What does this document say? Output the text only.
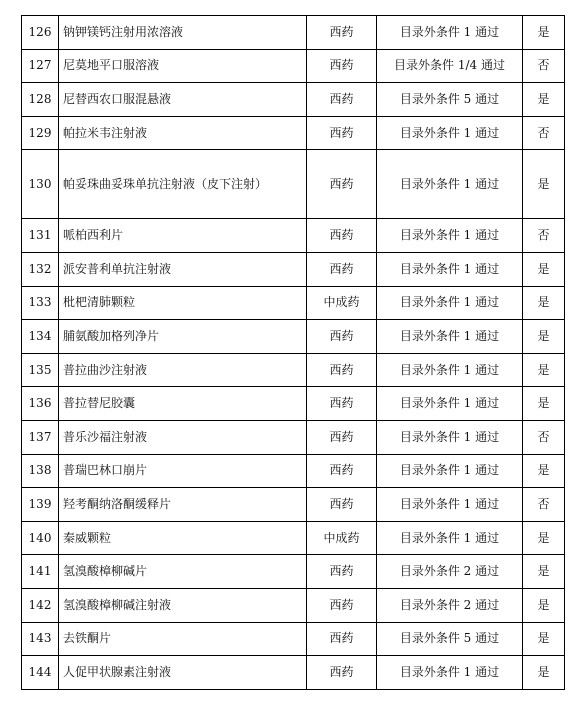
126	钠钾镁钙注射用浓溶液	西药	目录外条件 1 通过	是
127	尼莫地平口服溶液	西药	目录外条件 1/4 通过	否
128	尼替西农口服混悬液	西药	目录外条件 5 通过	是
129	帕拉米韦注射液	西药	目录外条件 1 通过	否
130	帕妥珠曲妥珠单抗注射液（皮下注射）	西药	目录外条件 1 通过	是
131	哌柏西利片	西药	目录外条件 1 通过	否
132	派安普利单抗注射液	西药	目录外条件 1 通过	是
133	枇杷清肺颗粒	中成药	目录外条件 1 通过	是
134	脯氨酸加格列净片	西药	目录外条件 1 通过	是
135	普拉曲沙注射液	西药	目录外条件 1 通过	是
136	普拉替尼胶囊	西药	目录外条件 1 通过	是
137	普乐沙福注射液	西药	目录外条件 1 通过	否
138	普瑞巴林口崩片	西药	目录外条件 1 通过	是
139	羟考酮纳洛酮缓释片	西药	目录外条件 1 通过	否
140	秦威颗粒	中成药	目录外条件 1 通过	是
141	氢溴酸樟柳碱片	西药	目录外条件 2 通过	是
142	氢溴酸樟柳碱注射液	西药	目录外条件 2 通过	是
143	去铁酮片	西药	目录外条件 5 通过	是
144	人促甲状腺素注射液	西药	目录外条件 1 通过	是
